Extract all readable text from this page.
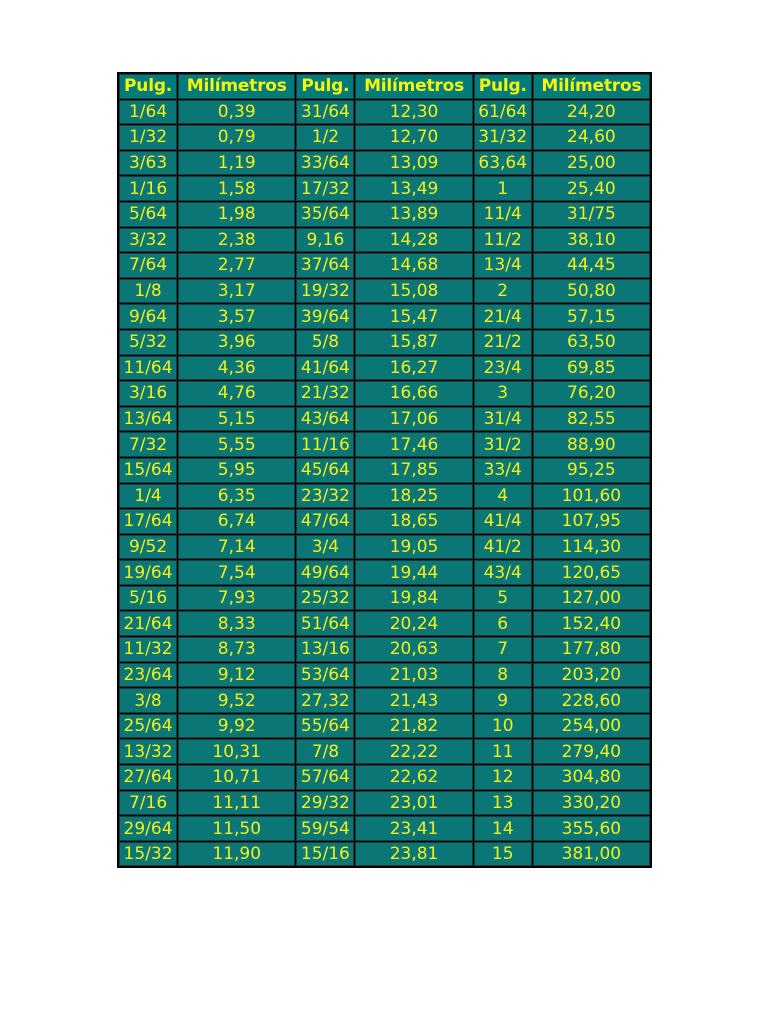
Pulg.	Milímetros	Pulg.	Milímetros	Pulg.	Milímetros
1/64	0,39	31/64	12,30	61/64	24,20
1/32	0,79	1/2	12,70	31/32	24,60
3/63	1,19	33/64	13,09	63,64	25,00
1/16	1,58	17/32	13,49	1	25,40
5/64	1,98	35/64	13,89	11/4	31/75
3/32	2,38	9,16	14,28	11/2	38,10
7/64	2,77	37/64	14,68	13/4	44,45
1/8	3,17	19/32	15,08	2	50,80
9/64	3,57	39/64	15,47	21/4	57,15
5/32	3,96	5/8	15,87	21/2	63,50
11/64	4,36	41/64	16,27	23/4	69,85
3/16	4,76	21/32	16,66	3	76,20
13/64	5,15	43/64	17,06	31/4	82,55
7/32	5,55	11/16	17,46	31/2	88,90
15/64	5,95	45/64	17,85	33/4	95,25
1/4	6,35	23/32	18,25	4	101,60
17/64	6,74	47/64	18,65	41/4	107,95
9/52	7,14	3/4	19,05	41/2	114,30
19/64	7,54	49/64	19,44	43/4	120,65
5/16	7,93	25/32	19,84	5	127,00
21/64	8,33	51/64	20,24	6	152,40
11/32	8,73	13/16	20,63	7	177,80
23/64	9,12	53/64	21,03	8	203,20
3/8	9,52	27,32	21,43	9	228,60
25/64	9,92	55/64	21,82	10	254,00
13/32	10,31	7/8	22,22	11	279,40
27/64	10,71	57/64	22,62	12	304,80
7/16	11,11	29/32	23,01	13	330,20
29/64	11,50	59/54	23,41	14	355,60
15/32	11,90	15/16	23,81	15	381,00
